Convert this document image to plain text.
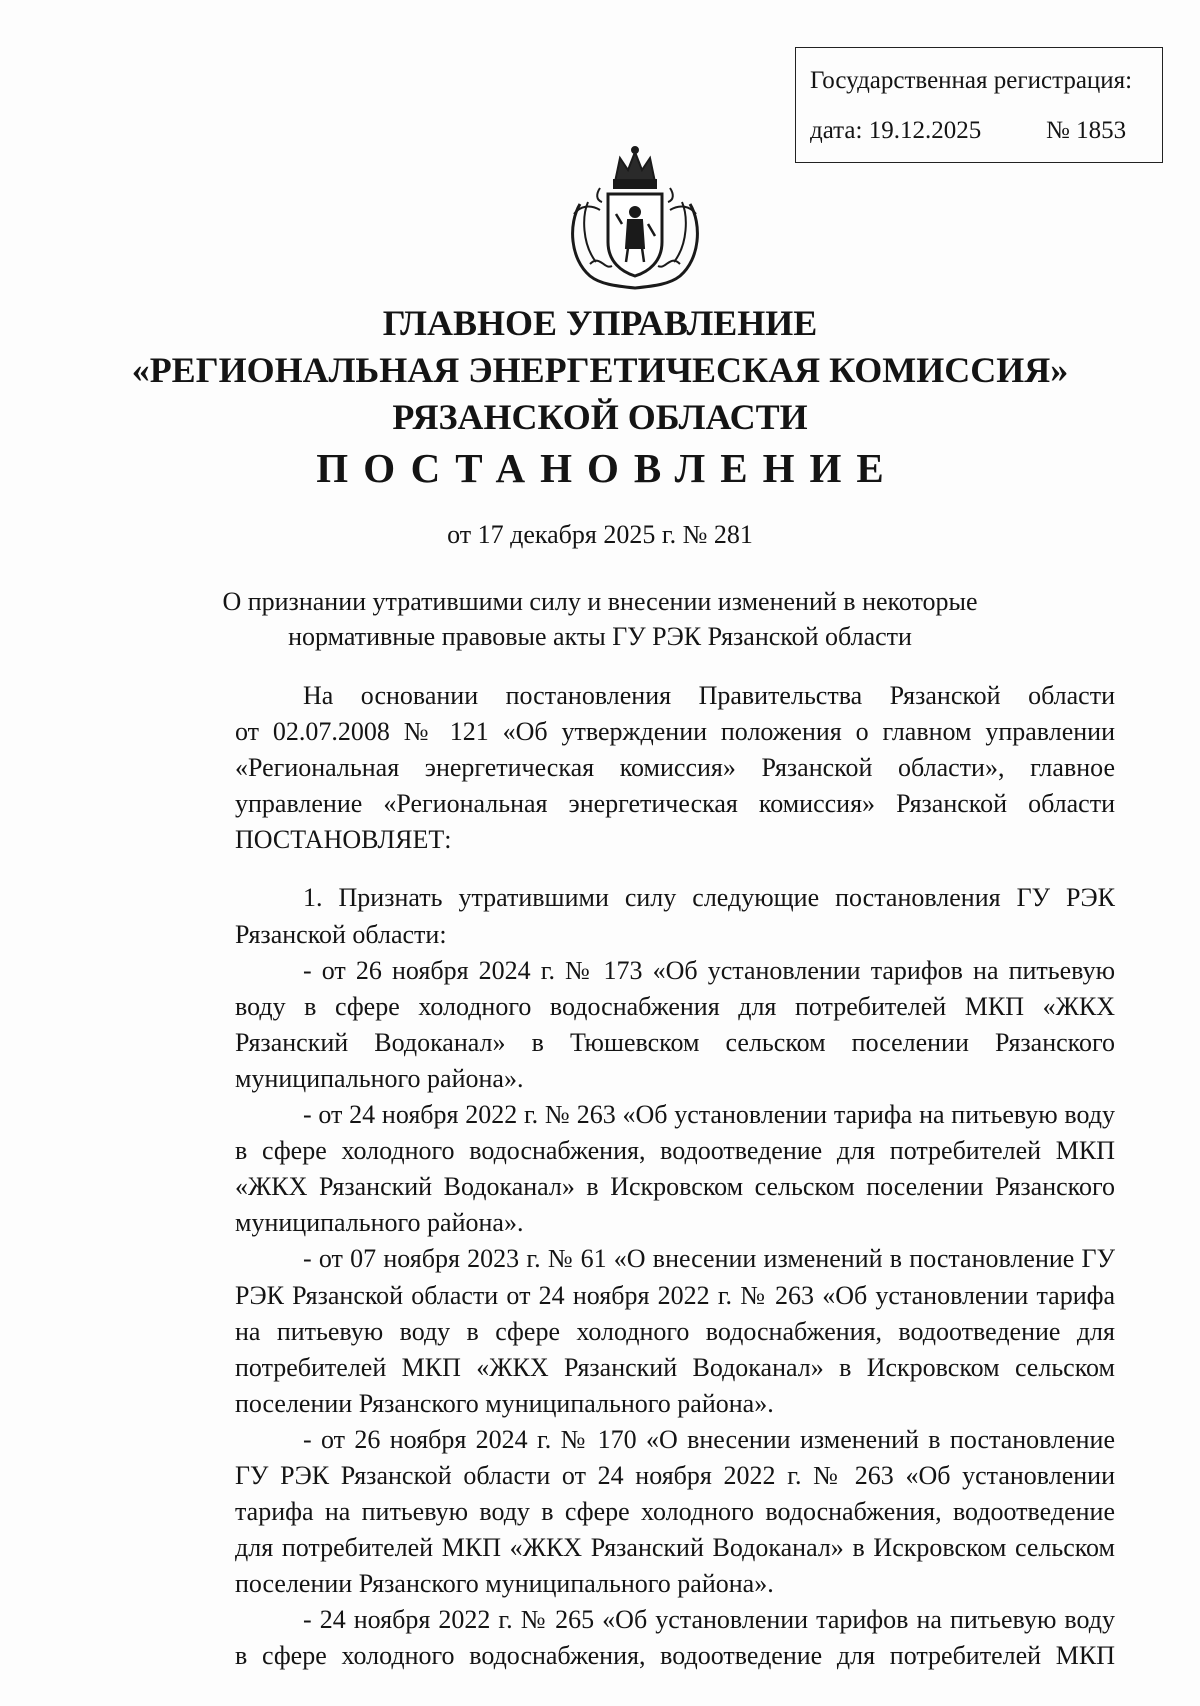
Государственная регистрация:
дата: 19.12.2025	№ 1853
ГЛАВНОЕ УПРАВЛЕНИЕ
«РЕГИОНАЛЬНАЯ ЭНЕРГЕТИЧЕСКАЯ КОМИССИЯ»
РЯЗАНСКОЙ ОБЛАСТИ
ПОСТАНОВЛЕНИЕ
от 17 декабря 2025 г. № 281
О признании утратившими силу и внесении изменений в некоторые
нормативные правовые акты ГУ РЭК Рязанской области
На основании постановления Правительства Рязанской области
от 02.07.2008 № 121 «Об утверждении положения о главном управлении
«Региональная энергетическая комиссия» Рязанской области», главное
управление «Региональная энергетическая комиссия» Рязанской области
ПОСТАНОВЛЯЕТ:
1. Признать утратившими силу следующие постановления ГУ РЭК
Рязанской области:
- от 26 ноября 2024 г. № 173 «Об установлении тарифов на питьевую
воду в сфере холодного водоснабжения для потребителей МКП «ЖКХ
Рязанский Водоканал» в Тюшевском сельском поселении Рязанского
муниципального района».
- от 24 ноября 2022 г. № 263 «Об установлении тарифа на питьевую воду
в сфере холодного водоснабжения, водоотведение для потребителей МКП
«ЖКХ Рязанский Водоканал» в Искровском сельском поселении Рязанского
муниципального района».
- от 07 ноября 2023 г. № 61 «О внесении изменений в постановление ГУ
РЭК Рязанской области от 24 ноября 2022 г. № 263 «Об установлении тарифа
на питьевую воду в сфере холодного водоснабжения, водоотведение для
потребителей МКП «ЖКХ Рязанский Водоканал» в Искровском сельском
поселении Рязанского муниципального района».
- от 26 ноября 2024 г. № 170 «О внесении изменений в постановление
ГУ РЭК Рязанской области от 24 ноября 2022 г. № 263 «Об установлении
тарифа на питьевую воду в сфере холодного водоснабжения, водоотведение
для потребителей МКП «ЖКХ Рязанский Водоканал» в Искровском сельском
поселении Рязанского муниципального района».
- 24 ноября 2022 г. № 265 «Об установлении тарифов на питьевую воду
в сфере холодного водоснабжения, водоотведение для потребителей МКП
